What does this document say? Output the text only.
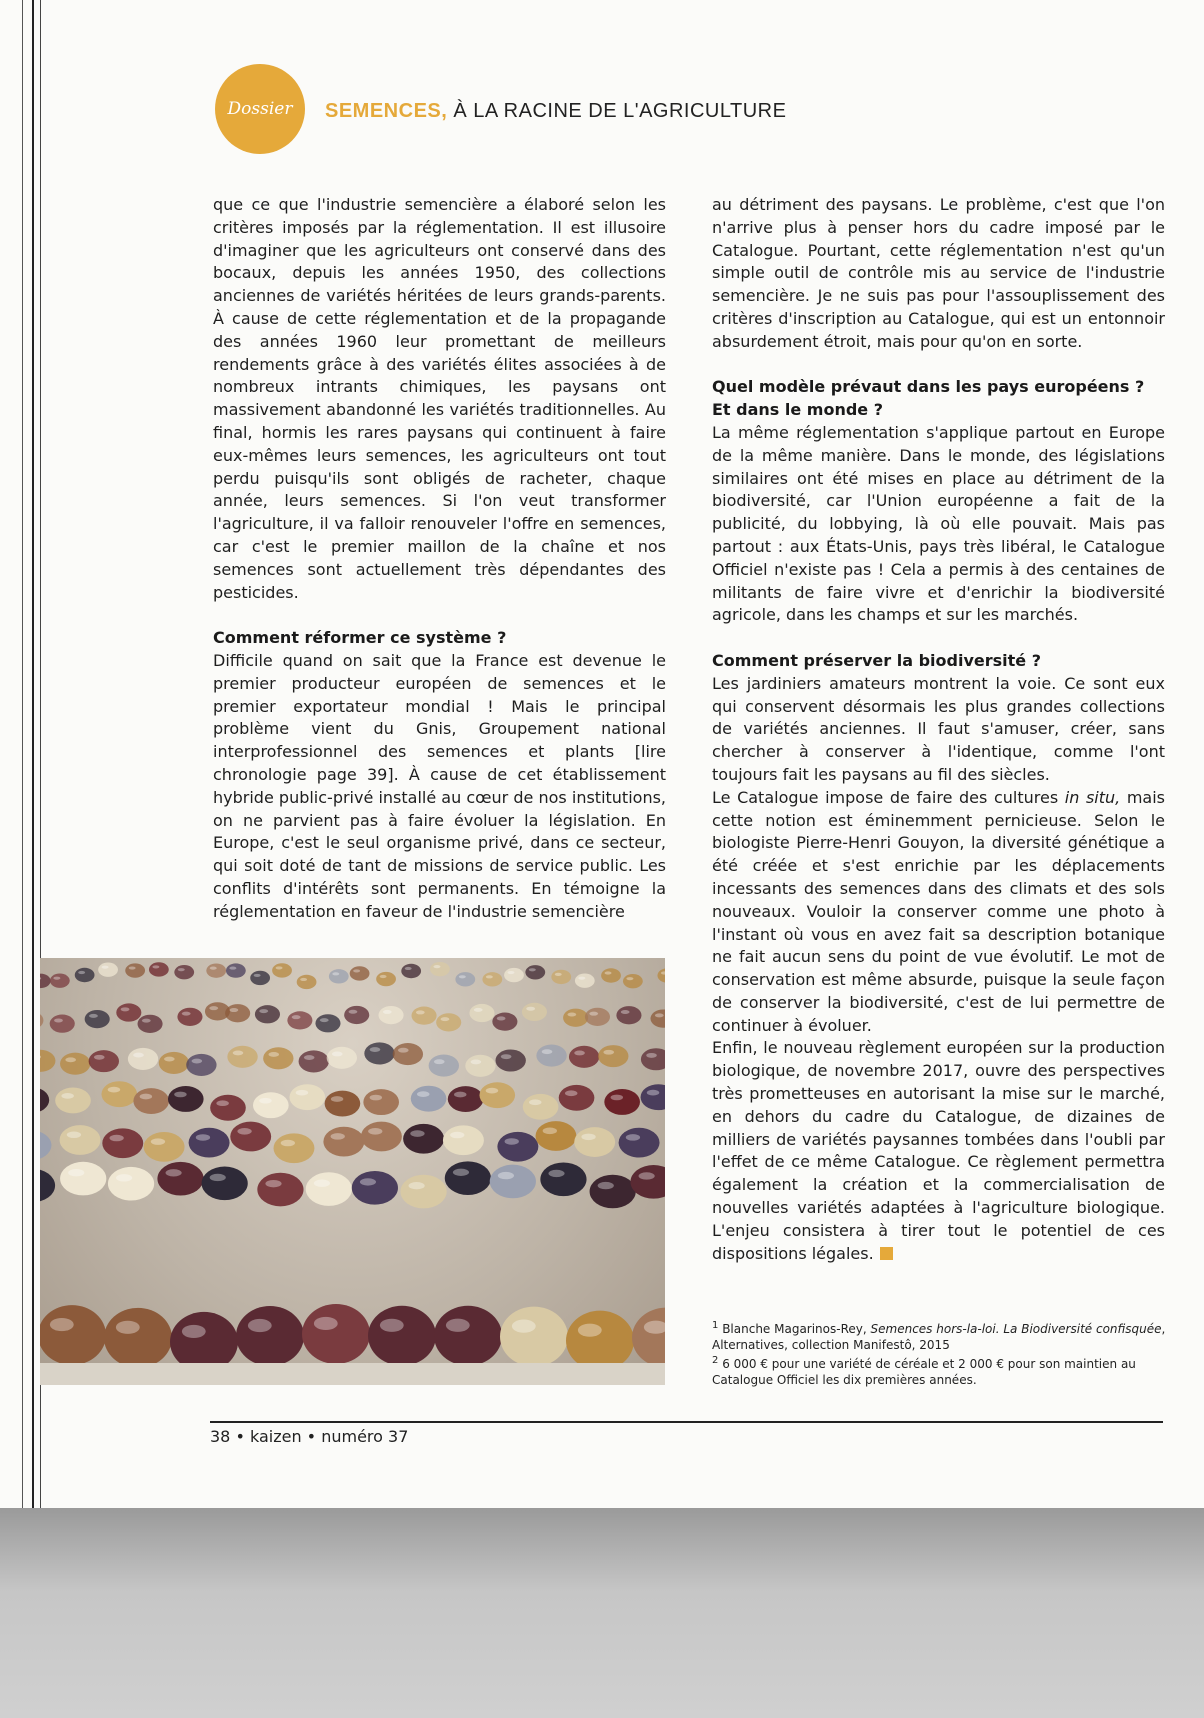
Dossier SEMENCES, À LA RACINE DE L'AGRICULTURE

que ce que l'industrie semencière a élaboré selon les critères imposés par la réglementation. Il est illusoire d'imaginer que les agriculteurs ont conservé dans des bocaux, depuis les années 1950, des collections anciennes de variétés héritées de leurs grands-parents. À cause de cette réglementation et de la propagande des années 1960 leur promettant de meilleurs rendements grâce à des variétés élites associées à de nombreux intrants chimiques, les paysans ont massivement abandonné les variétés traditionnelles. Au final, hormis les rares paysans qui continuent à faire eux-mêmes leurs semences, les agriculteurs ont tout perdu puisqu'ils sont obligés de racheter, chaque année, leurs semences. Si l'on veut transformer l'agriculture, il va falloir renouveler l'offre en semences, car c'est le premier maillon de la chaîne et nos semences sont actuellement très dépendantes des pesticides.

Comment réformer ce système ?

Difficile quand on sait que la France est devenue le premier producteur européen de semences et le premier exportateur mondial ! Mais le principal problème vient du Gnis, Groupement national interprofessionnel des semences et plants [lire chronologie page 39]. À cause de cet établissement hybride public-privé installé au cœur de nos institutions, on ne parvient pas à faire évoluer la législation. En Europe, c'est le seul organisme privé, dans ce secteur, qui soit doté de tant de missions de service public. Les conflits d'intérêts sont permanents. En témoigne la réglementation en faveur de l'industrie semencière

au détriment des paysans. Le problème, c'est que l'on n'arrive plus à penser hors du cadre imposé par le Catalogue. Pourtant, cette réglementation n'est qu'un simple outil de contrôle mis au service de l'industrie semencière. Je ne suis pas pour l'assouplissement des critères d'inscription au Catalogue, qui est un entonnoir absurdement étroit, mais pour qu'on en sorte.

Quel modèle prévaut dans les pays européens ? Et dans le monde ?

La même réglementation s'applique partout en Europe de la même manière. Dans le monde, des législations similaires ont été mises en place au détriment de la biodiversité, car l'Union européenne a fait de la publicité, du lobbying, là où elle pouvait. Mais pas partout : aux États-Unis, pays très libéral, le Catalogue Officiel n'existe pas ! Cela a permis à des centaines de militants de faire vivre et d'enrichir la biodiversité agricole, dans les champs et sur les marchés.

Comment préserver la biodiversité ?

Les jardiniers amateurs montrent la voie. Ce sont eux qui conservent désormais les plus grandes collections de variétés anciennes. Il faut s'amuser, créer, sans chercher à conserver à l'identique, comme l'ont toujours fait les paysans au fil des siècles.

Le Catalogue impose de faire des cultures in situ, mais cette notion est éminemment pernicieuse. Selon le biologiste Pierre-Henri Gouyon, la diversité génétique a été créée et s'est enrichie par les déplacements incessants des semences dans des climats et des sols nouveaux. Vouloir la conserver comme une photo à l'instant où vous en avez fait sa description botanique ne fait aucun sens du point de vue évolutif. Le mot de conservation est même absurde, puisque la seule façon de conserver la biodiversité, c'est de lui permettre de continuer à évoluer.

Enfin, le nouveau règlement européen sur la production biologique, de novembre 2017, ouvre des perspectives très prometteuses en autorisant la mise sur le marché, en dehors du cadre du Catalogue, de dizaines de milliers de variétés paysannes tombées dans l'oubli par l'effet de ce même Catalogue. Ce règlement permettra également la création et la commercialisation de nouvelles variétés adaptées à l'agriculture biologique. L'enjeu consistera à tirer tout le potentiel de ces dispositions légales.

$^1$ Blanche Magarinos-Rey, Semences hors-la-loi. La Biodiversité confisquée, Alternatives, collection Manifestô, 2015

$^2$ 6 000 € pour une variété de céréale et 2 000 € pour son maintien au Catalogue Officiel les dix premières années.

38 • kaizen • numéro 37
